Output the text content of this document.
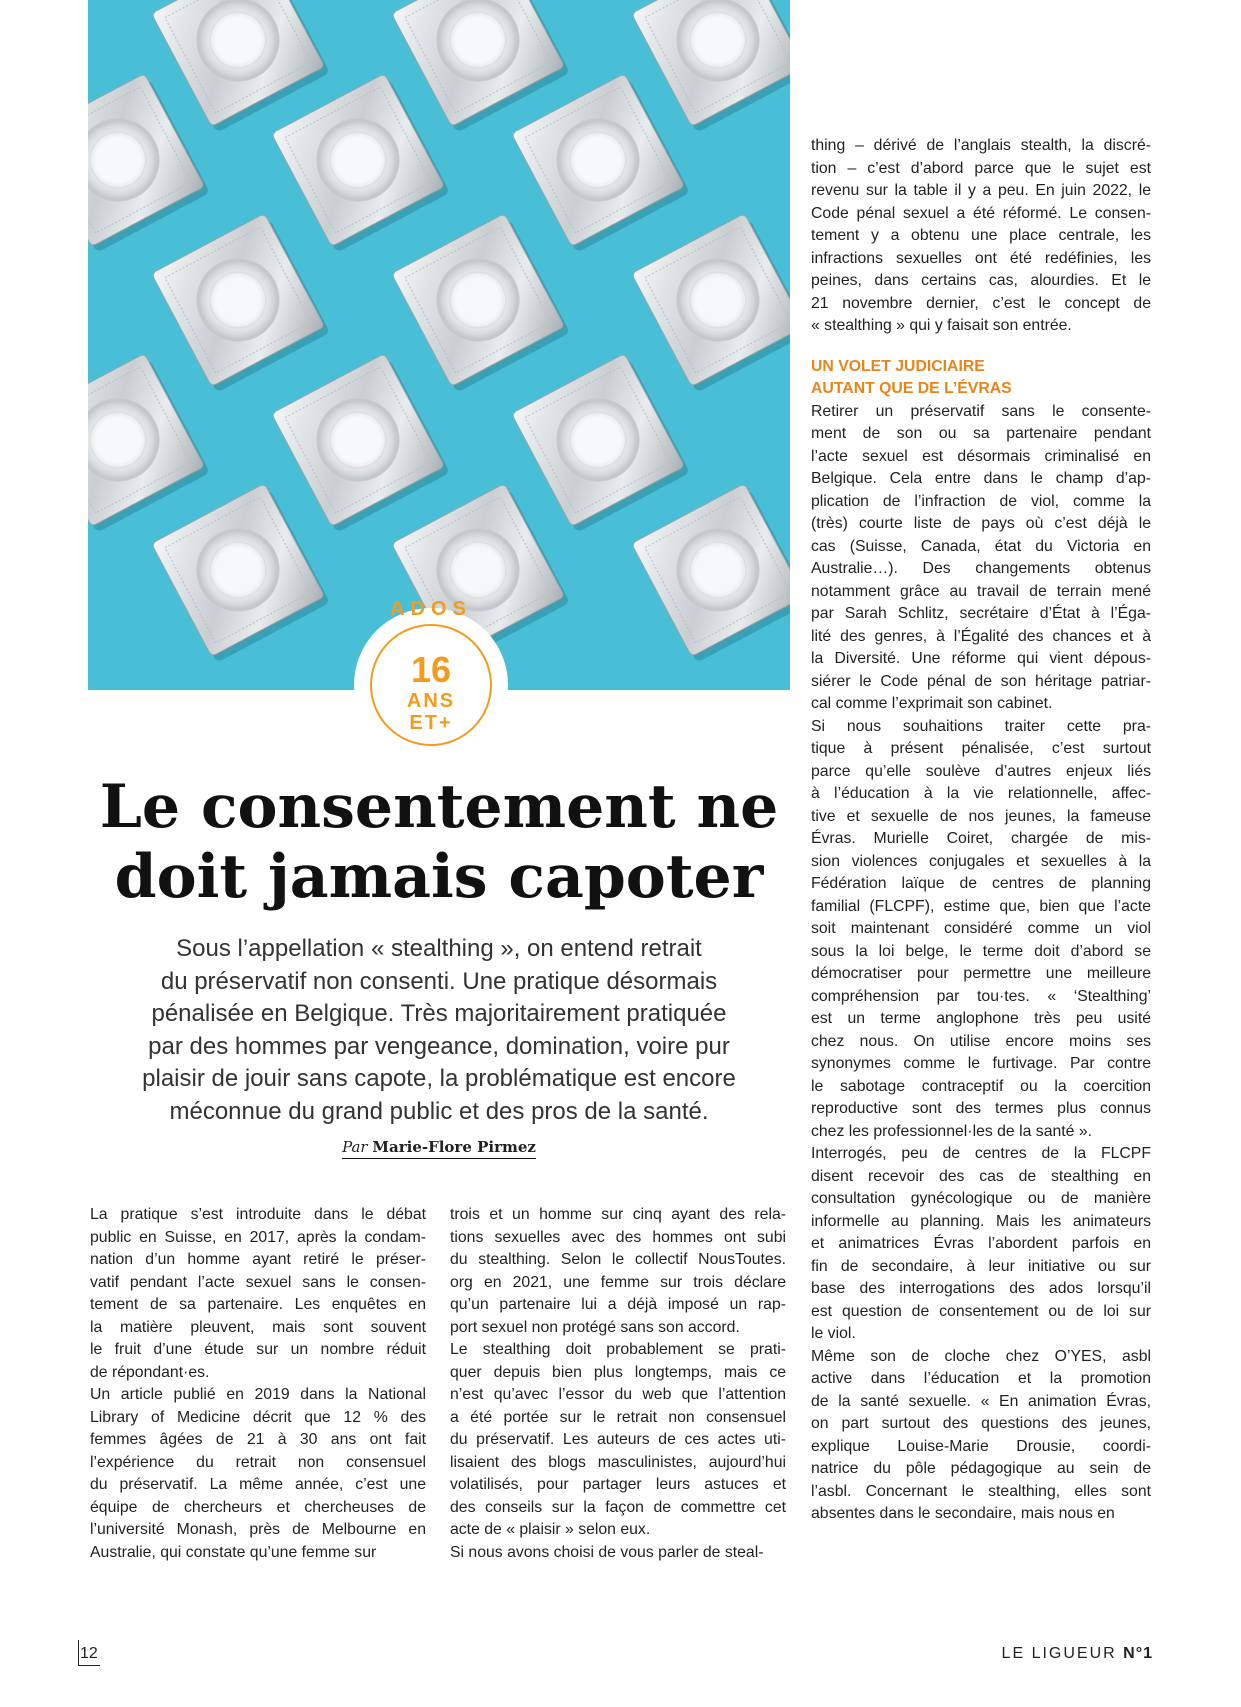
ADOS
16
ANS
ET+
Le consentement ne
doit jamais capoter
Sous l’appellation « stealthing », on entend retrait
du préservatif non consenti. Une pratique désormais
pénalisée en Belgique. Très majoritairement pratiquée
par des hommes par vengeance, domination, voire pur
plaisir de jouir sans capote, la problématique est encore
méconnue du grand public et des pros de la santé.
Par Marie-Flore Pirmez
La pratique s’est introduite dans le débat
public en Suisse, en 2017, après la condam-
nation d’un homme ayant retiré le préser-
vatif pendant l’acte sexuel sans le consen-
tement de sa partenaire. Les enquêtes en
la matière pleuvent, mais sont souvent
le fruit d’une étude sur un nombre réduit
de répondant·es.
Un article publié en 2019 dans la National
Library of Medicine décrit que 12 % des
femmes âgées de 21 à 30 ans ont fait
l’expérience du retrait non consensuel
du préservatif. La même année, c’est une
équipe de chercheurs et chercheuses de
l’université Monash, près de Melbourne en
Australie, qui constate qu’une femme sur
trois et un homme sur cinq ayant des rela-
tions sexuelles avec des hommes ont subi
du stealthing. Selon le collectif NousToutes.
org en 2021, une femme sur trois déclare
qu’un partenaire lui a déjà imposé un rap-
port sexuel non protégé sans son accord.
Le stealthing doit probablement se prati-
quer depuis bien plus longtemps, mais ce
n’est qu’avec l’essor du web que l’attention
a été portée sur le retrait non consensuel
du préservatif. Les auteurs de ces actes uti-
lisaient des blogs masculinistes, aujourd’hui
volatilisés, pour partager leurs astuces et
des conseils sur la façon de commettre cet
acte de « plaisir » selon eux.
Si nous avons choisi de vous parler de steal-
thing – dérivé de l’anglais stealth, la discré-
tion – c’est d’abord parce que le sujet est
revenu sur la table il y a peu. En juin 2022, le
Code pénal sexuel a été réformé. Le consen-
tement y a obtenu une place centrale, les
infractions sexuelles ont été redéfinies, les
peines, dans certains cas, alourdies. Et le
21 novembre dernier, c’est le concept de
« stealthing » qui y faisait son entrée.
UN VOLET JUDICIAIRE
AUTANT QUE DE L’ÉVRAS
Retirer un préservatif sans le consente-
ment de son ou sa partenaire pendant
l’acte sexuel est désormais criminalisé en
Belgique. Cela entre dans le champ d’ap-
plication de l’infraction de viol, comme la
(très) courte liste de pays où c’est déjà le
cas (Suisse, Canada, état du Victoria en
Australie…). Des changements obtenus
notamment grâce au travail de terrain mené
par Sarah Schlitz, secrétaire d’État à l’Éga-
lité des genres, à l’Égalité des chances et à
la Diversité. Une réforme qui vient dépous-
siérer le Code pénal de son héritage patriar-
cal comme l’exprimait son cabinet.
Si nous souhaitions traiter cette pra-
tique à présent pénalisée, c’est surtout
parce qu’elle soulève d’autres enjeux liés
à l’éducation à la vie relationnelle, affec-
tive et sexuelle de nos jeunes, la fameuse
Évras. Murielle Coiret, chargée de mis-
sion violences conjugales et sexuelles à la
Fédération laïque de centres de planning
familial (FLCPF), estime que, bien que l’acte
soit maintenant considéré comme un viol
sous la loi belge, le terme doit d’abord se
démocratiser pour permettre une meilleure
compréhension par tou·tes. « ‘Stealthing’
est un terme anglophone très peu usité
chez nous. On utilise encore moins ses
synonymes comme le furtivage. Par contre
le sabotage contraceptif ou la coercition
reproductive sont des termes plus connus
chez les professionnel·les de la santé ».
Interrogés, peu de centres de la FLCPF
disent recevoir des cas de stealthing en
consultation gynécologique ou de manière
informelle au planning. Mais les animateurs
et animatrices Évras l’abordent parfois en
fin de secondaire, à leur initiative ou sur
base des interrogations des ados lorsqu’il
est question de consentement ou de loi sur
le viol.
Même son de cloche chez O’YES, asbl
active dans l’éducation et la promotion
de la santé sexuelle. « En animation Évras,
on part surtout des questions des jeunes,
explique Louise-Marie Drousie, coordi-
natrice du pôle pédagogique au sein de
l’asbl. Concernant le stealthing, elles sont
absentes dans le secondaire, mais nous en
12	LE LIGUEUR N°1
